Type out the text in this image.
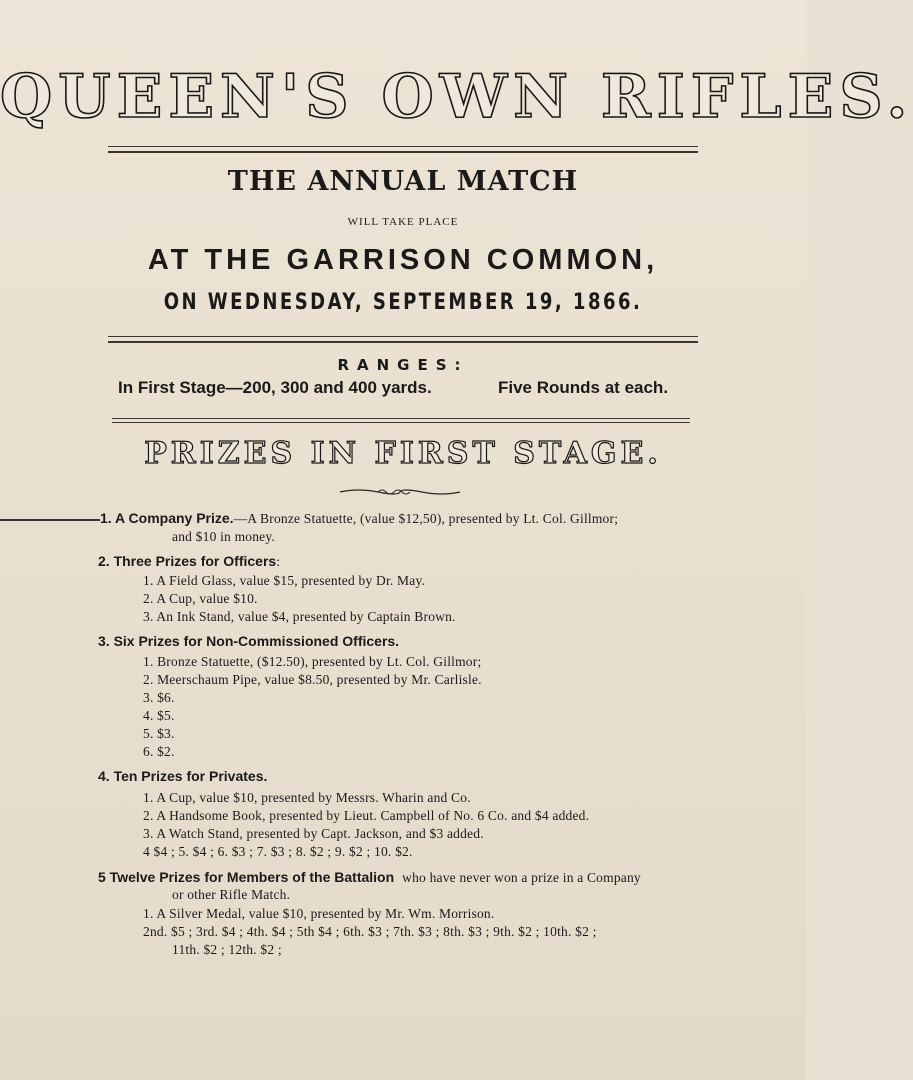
QUEEN'S OWN RIFLES.
THE ANNUAL MATCH
WILL TAKE PLACE
AT THE GARRISON COMMON,
ON WEDNESDAY, SEPTEMBER 19, 1866.
RANGES:
In First Stage—200, 300 and 400 yards.	Five Rounds at each.
PRIZES IN FIRST STAGE.
1. A Company Prize.—A Bronze Statuette, (value $12,50), presented by Lt. Col. Gillmor;
and $10 in money.
2. Three Prizes for Officers:
1. A Field Glass, value $15, presented by Dr. May.
2. A Cup, value $10.
3. An Ink Stand, value $4, presented by Captain Brown.
3. Six Prizes for Non-Commissioned Officers.
1. Bronze Statuette, ($12.50), presented by Lt. Col. Gillmor;
2. Meerschaum Pipe, value $8.50, presented by Mr. Carlisle.
3. $6.
4. $5.
5. $3.
6. $2.
4. Ten Prizes for Privates.
1. A Cup, value $10, presented by Messrs. Wharin and Co.
2. A Handsome Book, presented by Lieut. Campbell of No. 6 Co. and $4 added.
3. A Watch Stand, presented by Capt. Jackson, and $3 added.
4 $4 ; 5. $4 ; 6. $3 ; 7. $3 ; 8. $2 ; 9. $2 ; 10. $2.
5 Twelve Prizes for Members of the Battalion who have never won a prize in a Company
or other Rifle Match.
1. A Silver Medal, value $10, presented by Mr. Wm. Morrison.
2nd. $5 ; 3rd. $4 ; 4th. $4 ; 5th $4 ; 6th. $3 ; 7th. $3 ; 8th. $3 ; 9th. $2 ; 10th. $2 ;
11th. $2 ; 12th. $2 ;
